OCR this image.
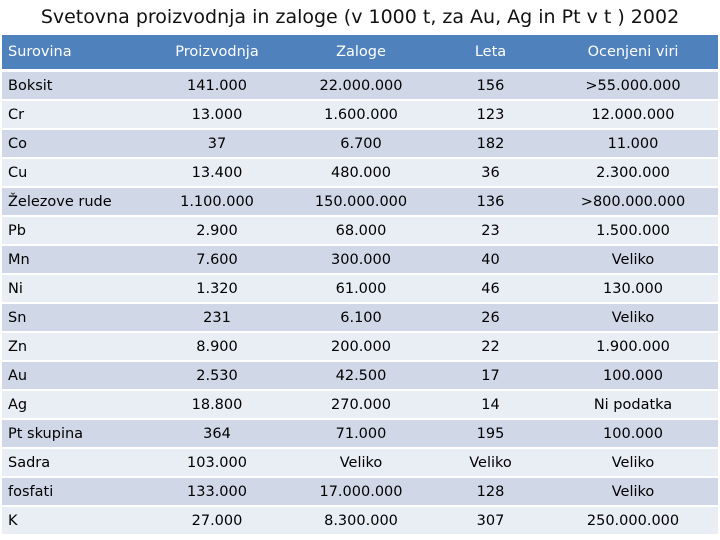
Svetovna proizvodnja in zaloge (v 1000 t, za Au, Ag in Pt v t ) 2002
Surovina	Proizvodnja	Zaloge	Leta	Ocenjeni viri
Boksit	141.000	22.000.000	156	>55.000.000
Cr	13.000	1.600.000	123	12.000.000
Co	37	6.700	182	11.000
Cu	13.400	480.000	36	2.300.000
Železove rude	1.100.000	150.000.000	136	>800.000.000
Pb	2.900	68.000	23	1.500.000
Mn	7.600	300.000	40	Veliko
Ni	1.320	61.000	46	130.000
Sn	231	6.100	26	Veliko
Zn	8.900	200.000	22	1.900.000
Au	2.530	42.500	17	100.000
Ag	18.800	270.000	14	Ni podatka
Pt skupina	364	71.000	195	100.000
Sadra	103.000	Veliko	Veliko	Veliko
fosfati	133.000	17.000.000	128	Veliko
K	27.000	8.300.000	307	250.000.000
